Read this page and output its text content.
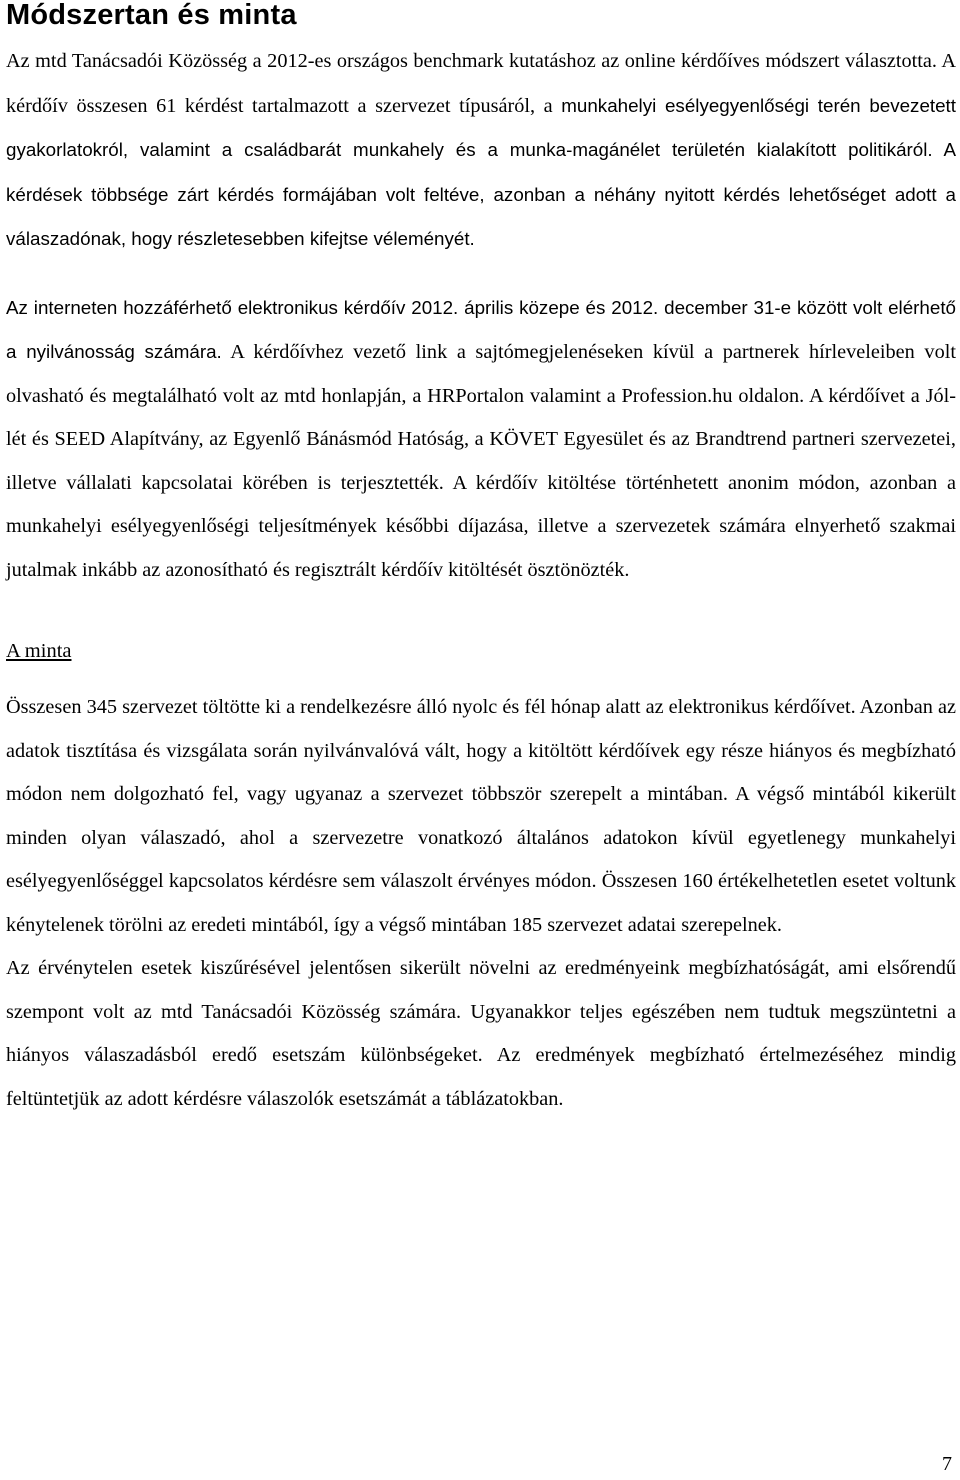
Módszertan és minta

Az mtd Tanácsadói Közösség a 2012-es országos benchmark kutatáshoz az online kérdőíves módszert választotta. A kérdőív összesen 61 kérdést tartalmazott a szervezet típusáról, a munkahelyi esélyegyenlőségi terén bevezetett gyakorlatokról, valamint a családbarát munkahely és a munka-magánélet területén kialakított politikáról. A kérdések többsége zárt kérdés formájában volt feltéve, azonban a néhány nyitott kérdés lehetőséget adott a válaszadónak, hogy részletesebben kifejtse véleményét.

Az interneten hozzáférhető elektronikus kérdőív 2012. április közepe és 2012. december 31-e között volt elérhető a nyilvánosság számára. A kérdőívhez vezető link a sajtómegjelenéseken kívül a partnerek hírleveleiben volt olvasható és megtalálható volt az mtd honlapján, a HRPortalon valamint a Profession.hu oldalon. A kérdőívet a Jól-lét és SEED Alapítvány, az Egyenlő Bánásmód Hatóság, a KÖVET Egyesület és az Brandtrend partneri szervezetei, illetve vállalati kapcsolatai körében is terjesztették. A kérdőív kitöltése történhetett anonim módon, azonban a munkahelyi esélyegyenlőségi teljesítmények későbbi díjazása, illetve a szervezetek számára elnyerhető szakmai jutalmak inkább az azonosítható és regisztrált kérdőív kitöltését ösztönözték.

A minta

Összesen 345 szervezet töltötte ki a rendelkezésre álló nyolc és fél hónap alatt az elektronikus kérdőívet. Azonban az adatok tisztítása és vizsgálata során nyilvánvalóvá vált, hogy a kitöltött kérdőívek egy része hiányos és megbízható módon nem dolgozható fel, vagy ugyanaz a szervezet többször szerepelt a mintában. A végső mintából kikerült minden olyan válaszadó, ahol a szervezetre vonatkozó általános adatokon kívül egyetlenegy munkahelyi esélyegyenlőséggel kapcsolatos kérdésre sem válaszolt érvényes módon. Összesen 160 értékelhetetlen esetet voltunk kénytelenek törölni az eredeti mintából, így a végső mintában 185 szervezet adatai szerepelnek.

Az érvénytelen esetek kiszűrésével jelentősen sikerült növelni az eredményeink megbízhatóságát, ami elsőrendű szempont volt az mtd Tanácsadói Közösség számára. Ugyanakkor teljes egészében nem tudtuk megszüntetni a hiányos válaszadásból eredő esetszám különbségeket. Az eredmények megbízható értelmezéséhez mindig feltüntetjük az adott kérdésre válaszolók esetszámát a táblázatokban.

7
